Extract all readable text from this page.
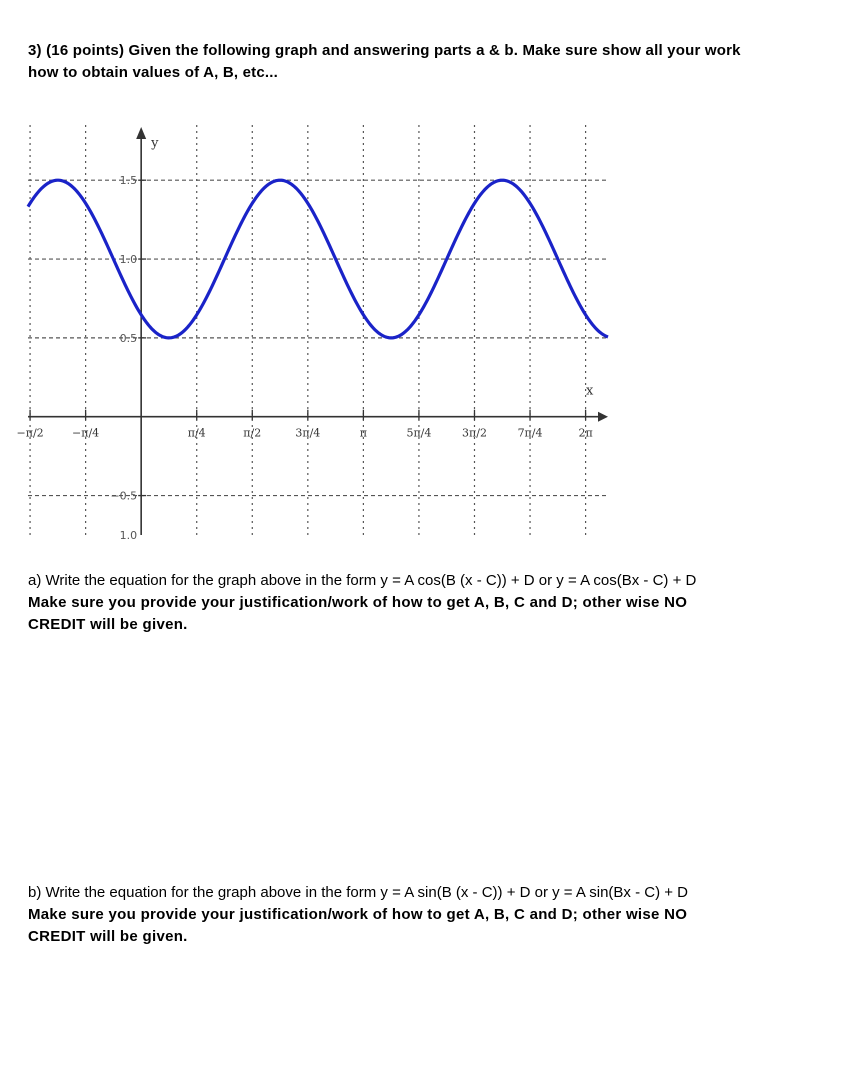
3) (16 points) Given the following graph and answering parts a & b. Make sure show all your work
how to obtain values of A, B, etc...
x
y
−π/2	−π/4	π/4	π/2	3π/4	π	5π/4	3π/2	7π/4	2π
1.5
1.0
0.5
−0.5
1.0
a) Write the equation for the graph above in the form y = A cos(B (x - C)) + D or y = A cos(Bx - C) + D
Make sure you provide your justification/work of how to get A, B, C and D; other wise NO
CREDIT will be given.
b) Write the equation for the graph above in the form y = A sin(B (x - C)) + D or y = A sin(Bx - C) + D
Make sure you provide your justification/work of how to get A, B, C and D; other wise NO
CREDIT will be given.
